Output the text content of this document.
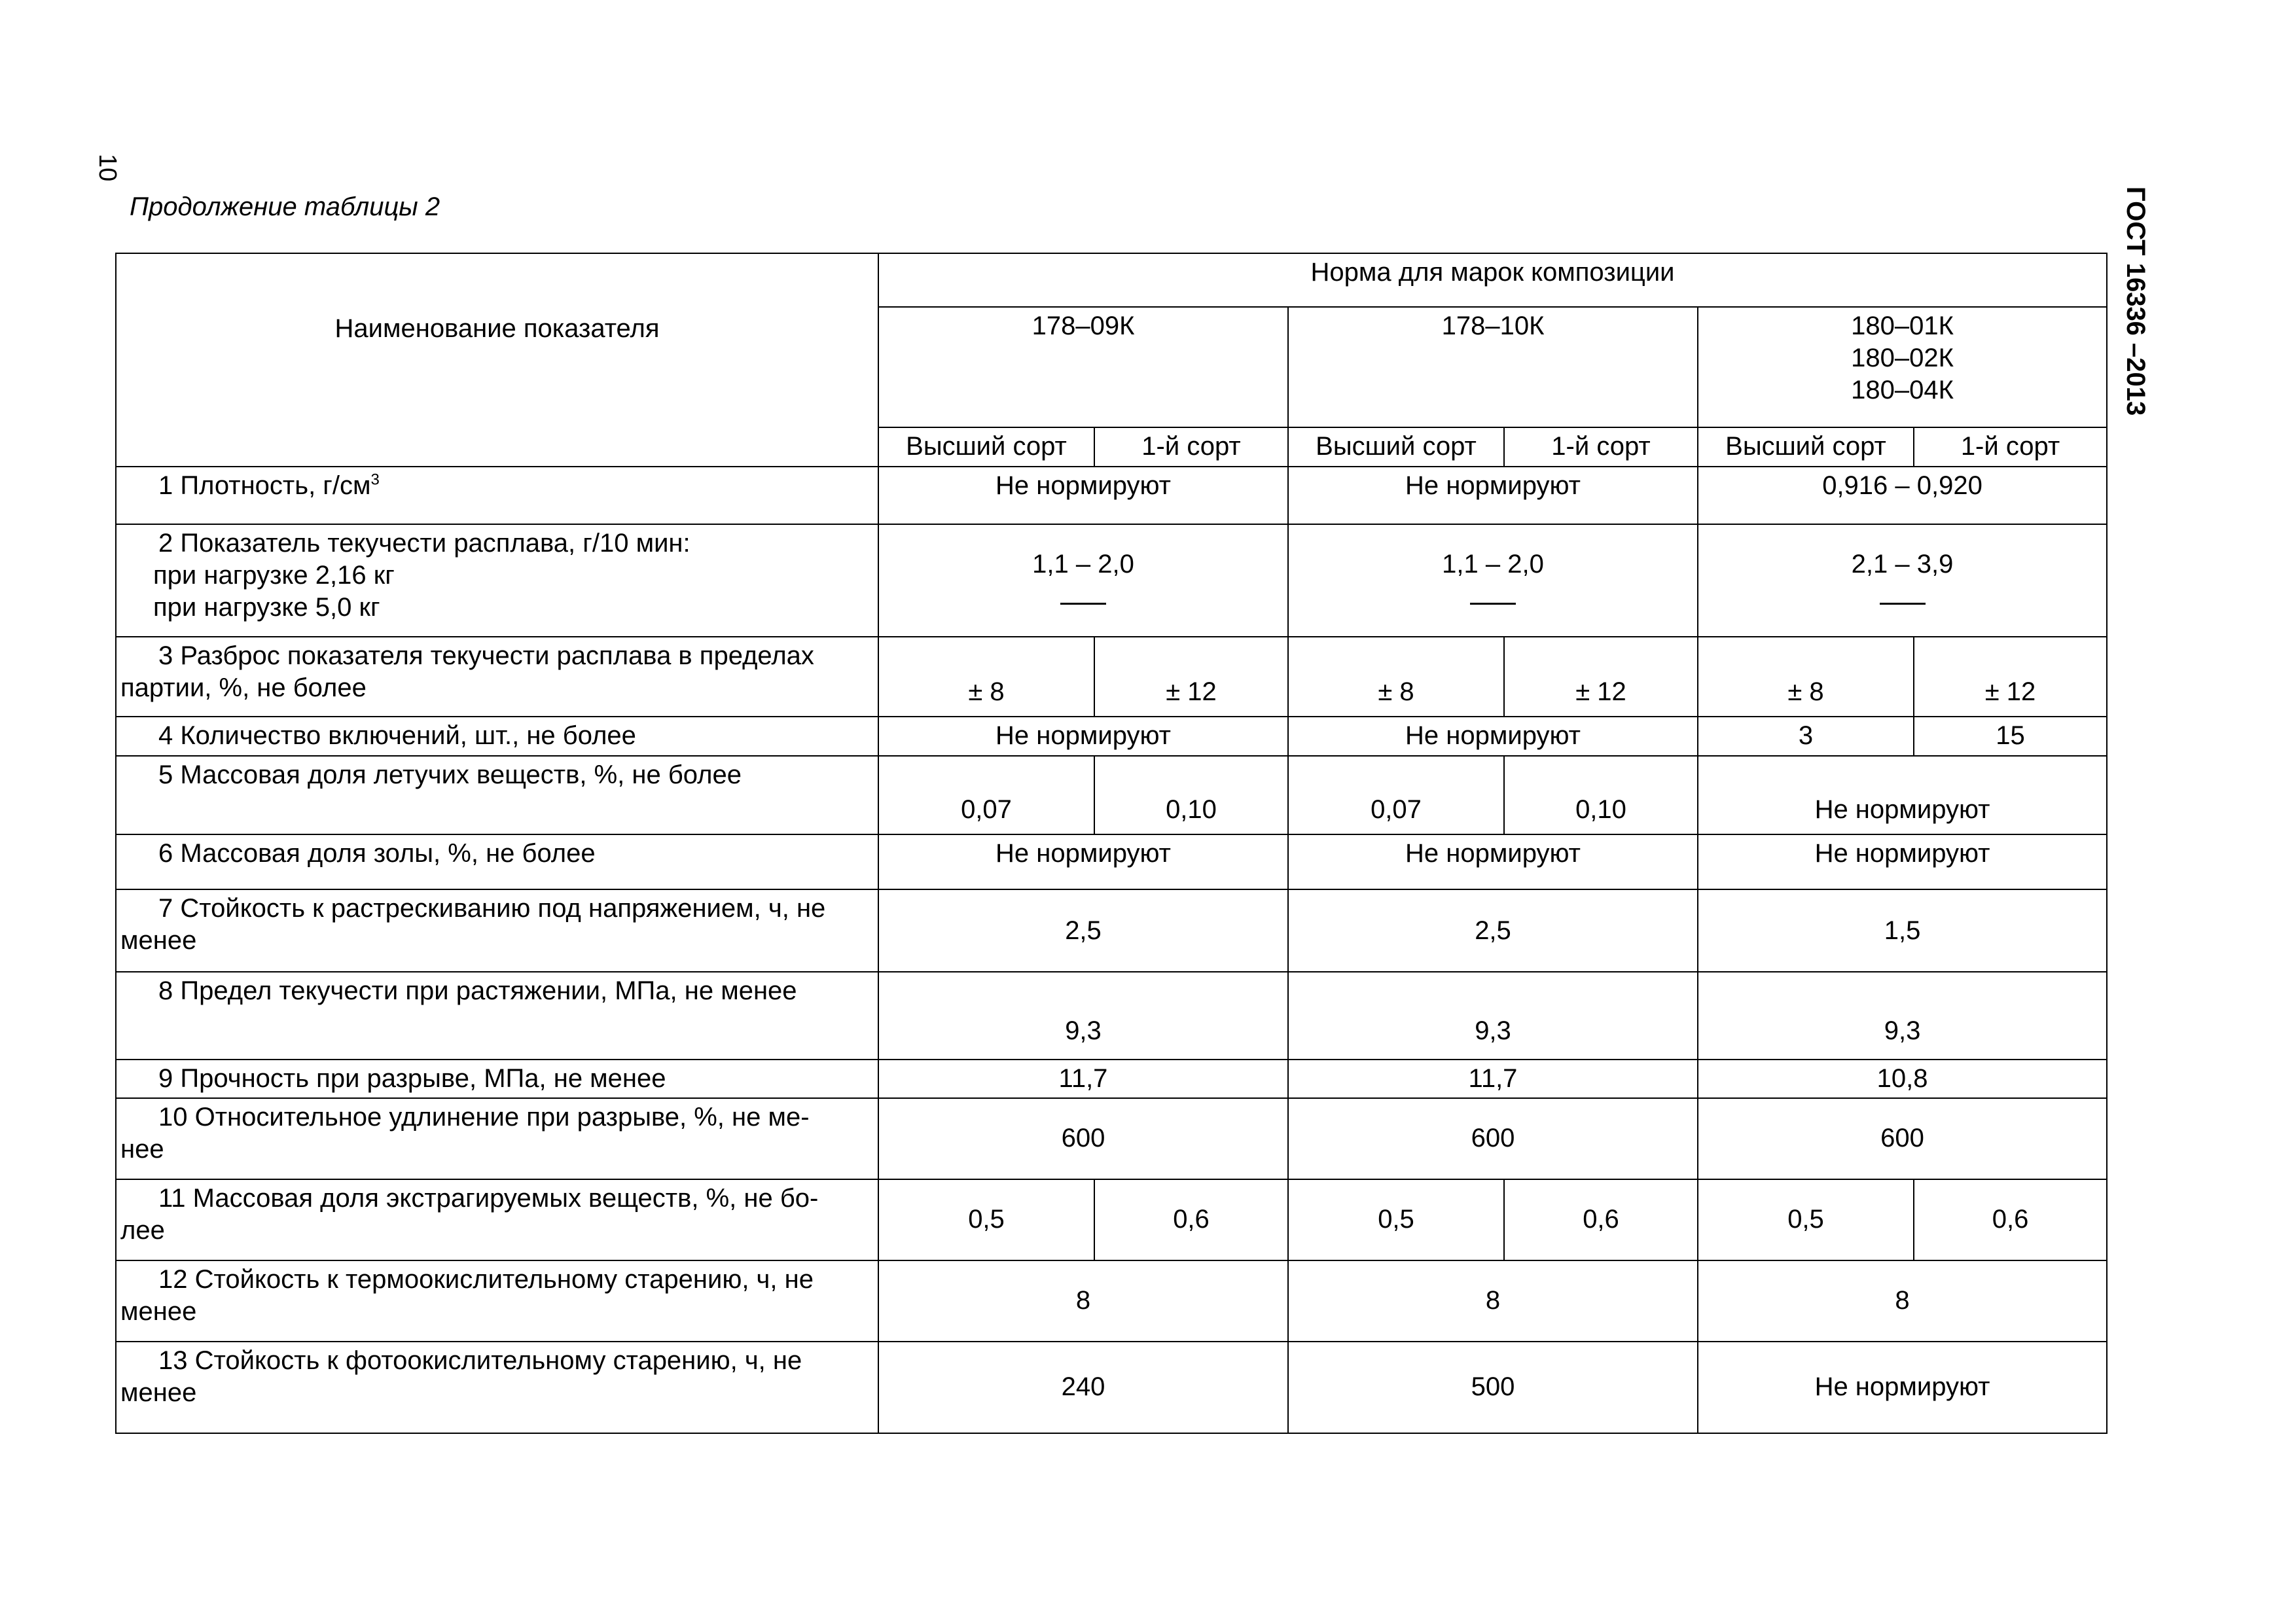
10
ГОСТ 16336 –2013
Продолжение таблицы 2
Наименование показателя	Норма для марок композиции					
	178–09К		178–10К		180–01К
180–02К
180–04К	

	Высший сорт	1-й сорт	Высший сорт	1-й сорт	Высший сорт	1-й сорт
1 Плотность, $г/см^3$	Не нормируют		Не нормируют		0,916 – 0,920	

2 Показатель текучести расплава, г/10 мин:
при нагрузке 2,16 кг
при нагрузке 5,0 кг	1,1 – 2,0		1,1 – 2,0		2,1 – 3,9	

3 Разброс показателя текучести расплава в пределах
партии, %, не более	± 8	± 12	± 8	± 12	± 8	± 12
4 Количество включений, шт., не более	Не нормируют		Не нормируют		3	15
5 Массовая доля летучих веществ, %, не более	0,07	0,10	0,07	0,10	Не нормируют	
6 Массовая доля золы, %, не более	Не нормируют		Не нормируют		Не нормируют	

7 Стойкость к растрескиванию под напряжением, ч, не
менее	2,5		2,5		1,5	
8 Предел текучести при растяжении, МПа, не менее	9,3		9,3		9,3	
9 Прочность при разрыве, МПа, не менее	11,7		11,7		10,8	

10 Относительное удлинение при разрыве, %, не ме-
нее	600		600		600	

11 Массовая доля экстрагируемых веществ, %, не бо-
лее	0,5	0,6	0,5	0,6	0,5	0,6

12 Стойкость к термоокислительному старению, ч, не
менее	8		8		8	

13 Стойкость к фотоокислительному старению, ч, не
менее	240		500		Не нормируют	
